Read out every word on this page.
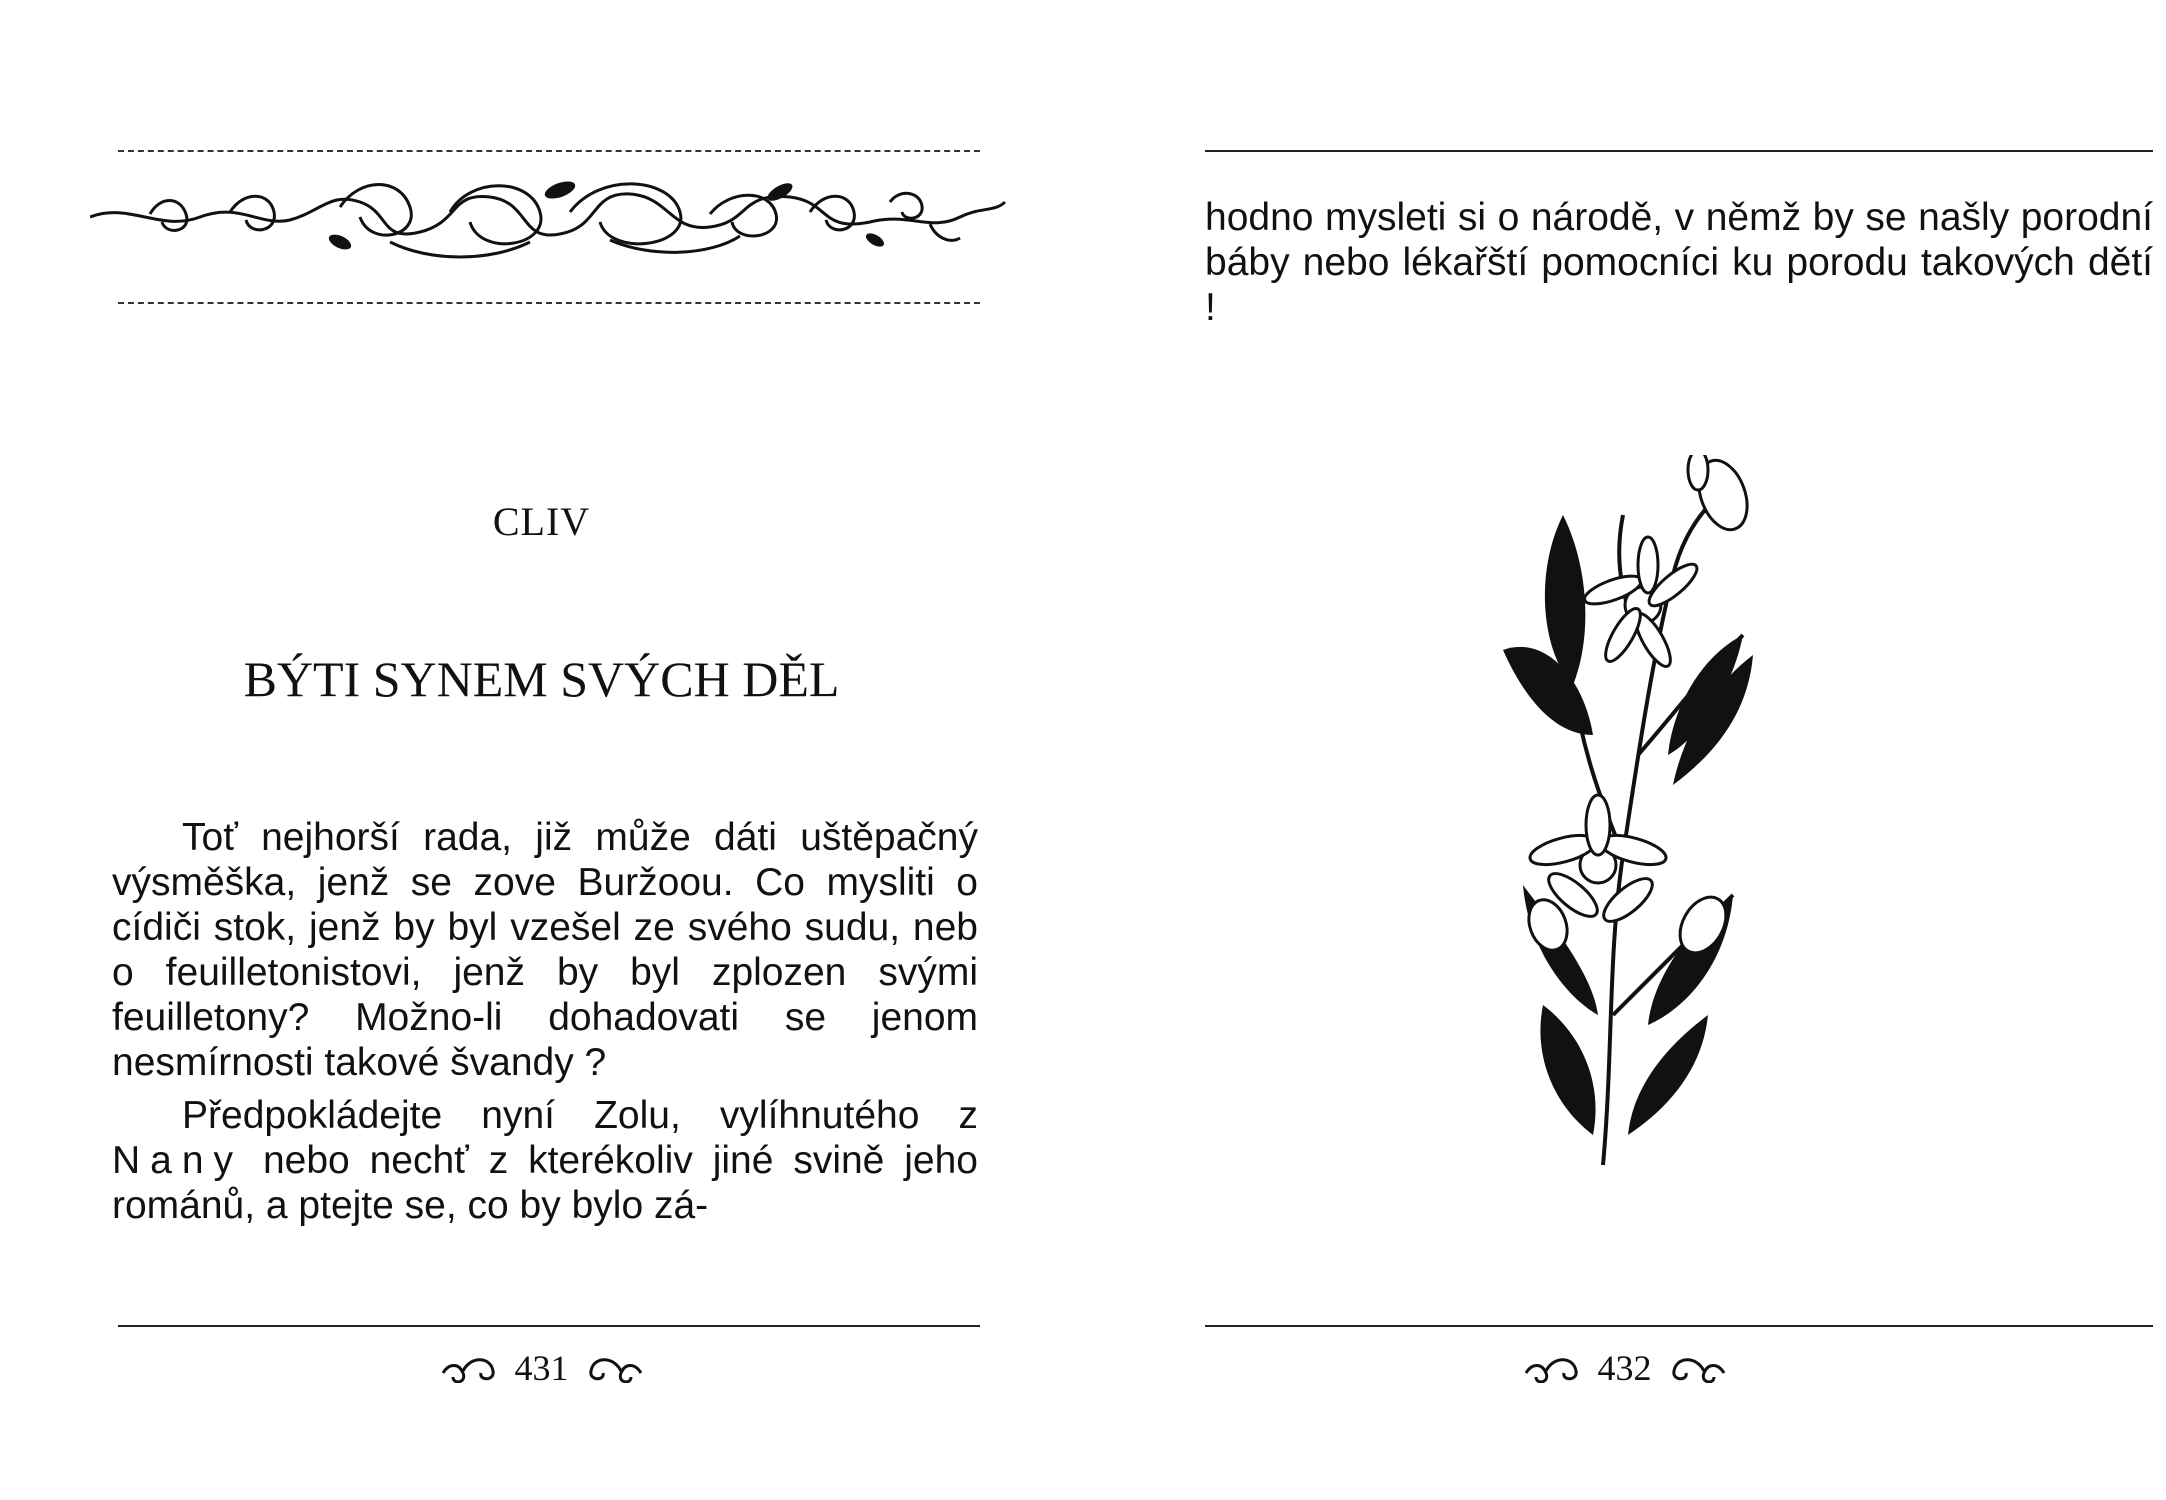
CLIV
BÝTI SYNEM SVÝCH DĚL

Toť nejhorší rada, již může dáti uštěpačný výsměška, jenž se zove Buržoou. Co mysliti o cídiči stok, jenž by byl vzešel ze svého sudu, neb o feuilletonistovi, jenž by byl zplozen svými feuilletony? Možno-li dohadovati se jenom nesmírnosti takové švandy ?

Předpokládejte nyní Zolu, vylíhnutého z Nany nebo nechť z kterékoliv jiné svině jeho románů, a ptejte se, co by bylo zá-

431

hodno mysleti si o národě, v němž by se našly porodní báby nebo lékařští pomocníci ku porodu takových dětí !

432
